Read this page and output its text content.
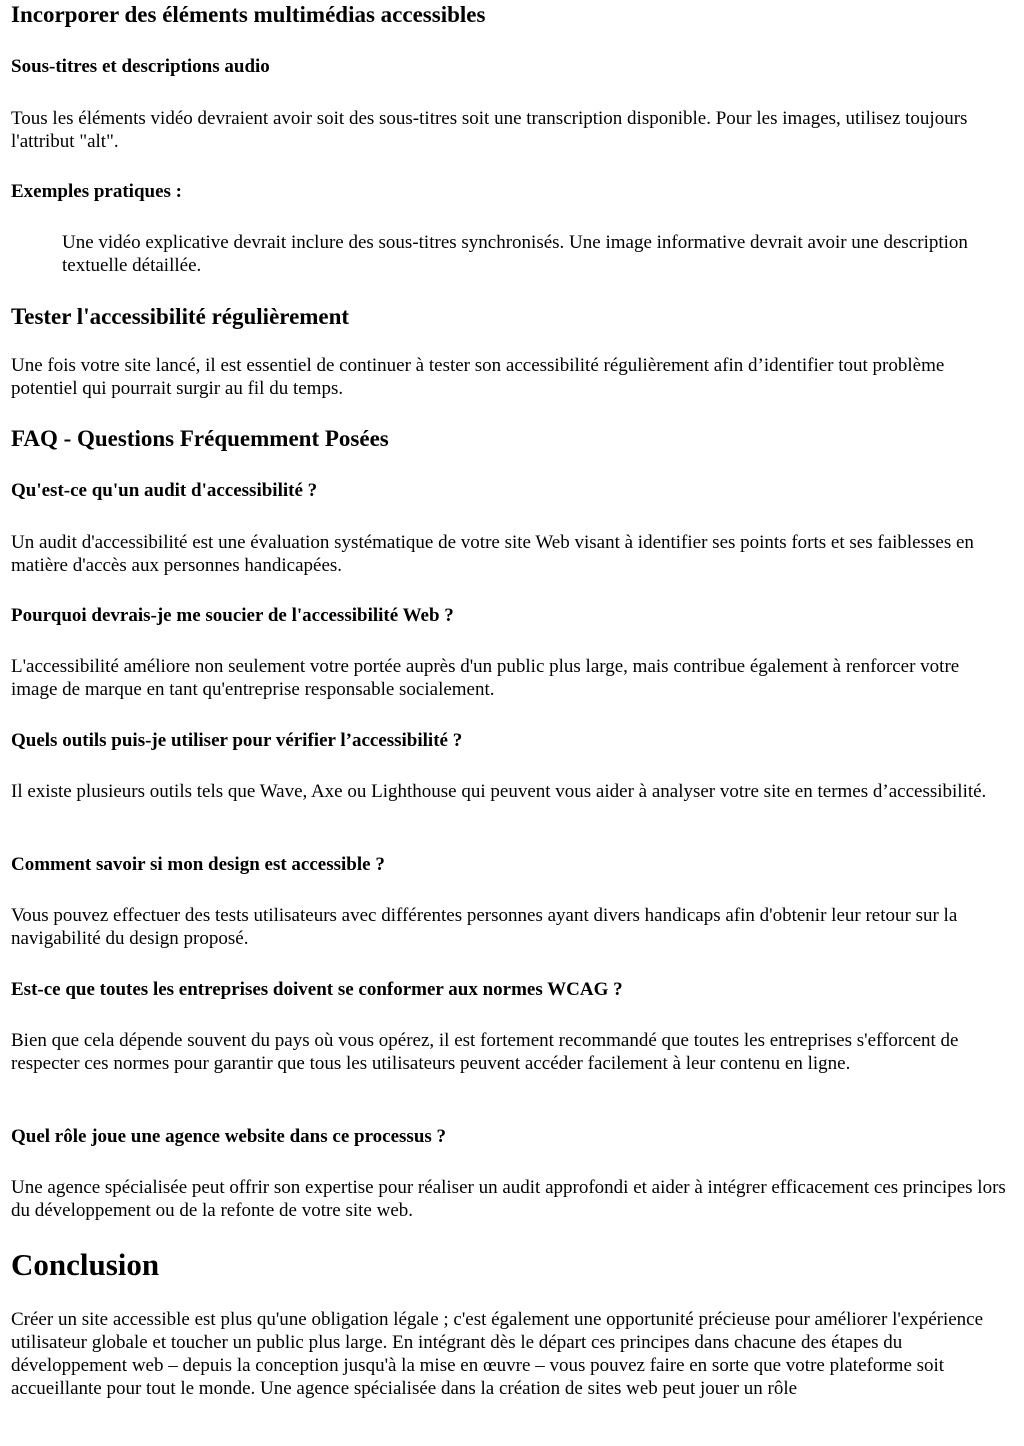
Incorporer des éléments multimédias accessibles
Sous-titres et descriptions audio

Tous les éléments vidéo devraient avoir soit des sous-titres soit une transcription disponible. Pour les images, utilisez toujours l'attribut "alt".

Exemples pratiques :
Une vidéo explicative devrait inclure des sous-titres synchronisés. Une image informative devrait avoir une description textuelle détaillée.
Tester l'accessibilité régulièrement

Une fois votre site lancé, il est essentiel de continuer à tester son accessibilité régulièrement afin d’identifier tout problème potentiel qui pourrait surgir au fil du temps.

FAQ - Questions Fréquemment Posées
Qu'est-ce qu'un audit d'accessibilité ?

Un audit d'accessibilité est une évaluation systématique de votre site Web visant à identifier ses points forts et ses faiblesses en matière d'accès aux personnes handicapées.

Pourquoi devrais-je me soucier de l'accessibilité Web ?

L'accessibilité améliore non seulement votre portée auprès d'un public plus large, mais contribue également à renforcer votre image de marque en tant qu'entreprise responsable socialement.

Quels outils puis-je utiliser pour vérifier l’accessibilité ?

Il existe plusieurs outils tels que Wave, Axe ou Lighthouse qui peuvent vous aider à analyser votre site en termes d’accessibilité.

Comment savoir si mon design est accessible ?

Vous pouvez effectuer des tests utilisateurs avec différentes personnes ayant divers handicaps afin d'obtenir leur retour sur la navigabilité du design proposé.

Est-ce que toutes les entreprises doivent se conformer aux normes WCAG ?

Bien que cela dépende souvent du pays où vous opérez, il est fortement recommandé que toutes les entreprises s'efforcent de respecter ces normes pour garantir que tous les utilisateurs peuvent accéder facilement à leur contenu en ligne.

Quel rôle joue une agence website dans ce processus ?

Une agence spécialisée peut offrir son expertise pour réaliser un audit approfondi et aider à intégrer efficacement ces principes lors du développement ou de la refonte de votre site web.

Conclusion

Créer un site accessible est plus qu'une obligation légale ; c'est également une opportunité précieuse pour améliorer l'expérience utilisateur globale et toucher un public plus large. En intégrant dès le départ ces principes dans chacune des étapes du développement web – depuis la conception jusqu'à la mise en œuvre – vous pouvez faire en sorte que votre plateforme soit accueillante pour tout le monde. Une agence spécialisée dans la création de sites web peut jouer un rôle
